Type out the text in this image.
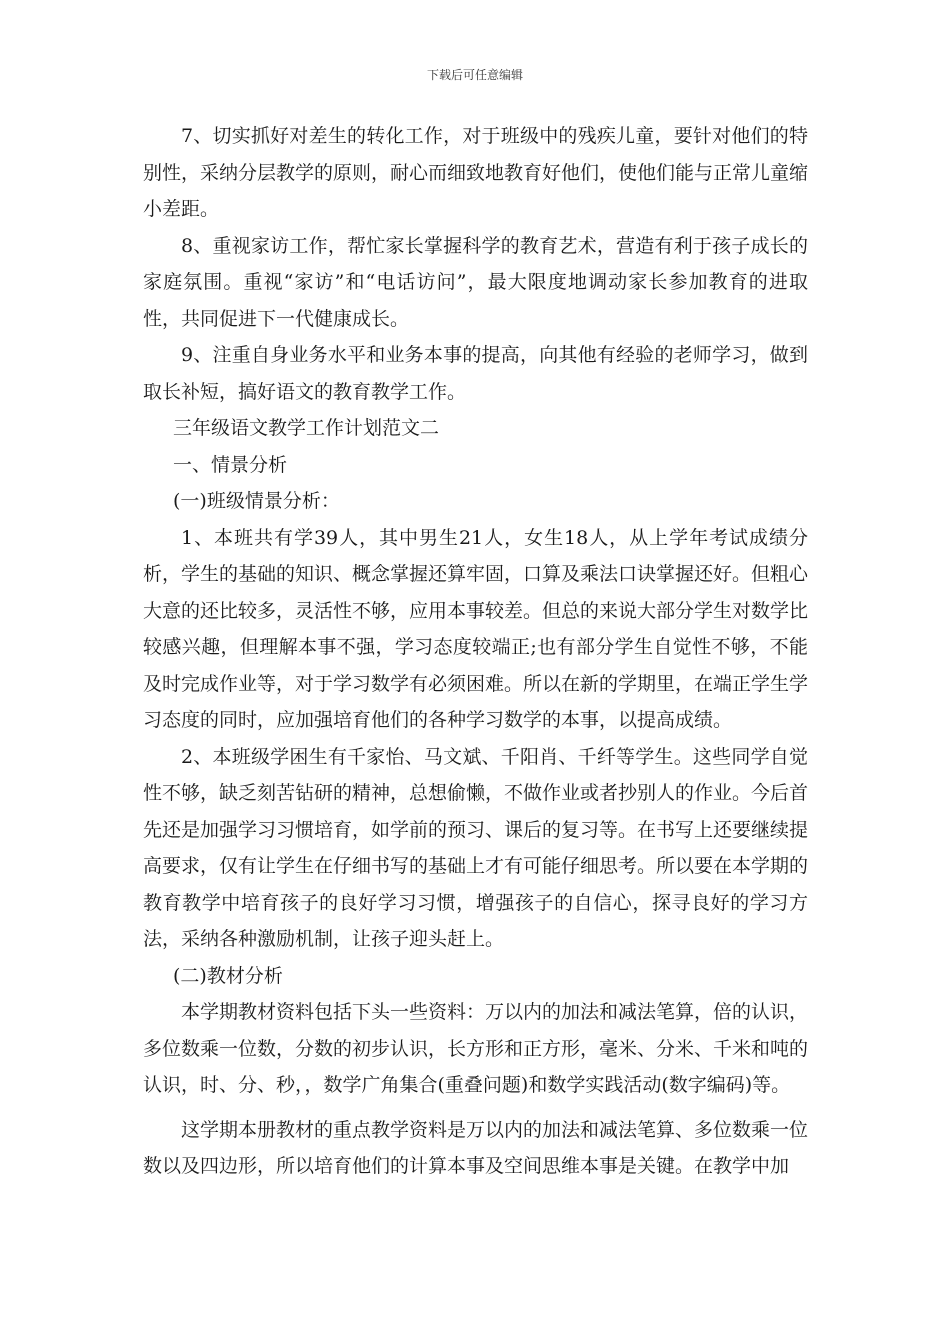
下载后可任意编辑

7、切实抓好对差生的转化工作，对于班级中的残疾儿童，要针对他们的特别性，采纳分层教学的原则，耐心而细致地教育好他们，使他们能与正常儿童缩小差距。

8、重视家访工作，帮忙家长掌握科学的教育艺术，营造有利于孩子成长的家庭氛围。重视“家访”和“电话访问”，最大限度地调动家长参加教育的进取性，共同促进下一代健康成长。

9、注重自身业务水平和业务本事的提高，向其他有经验的老师学习，做到取长补短，搞好语文的教育教学工作。

三年级语文教学工作计划范文二

一、情景分析

(一)班级情景分析：

1、本班共有学39人，其中男生21人，女生18人，从上学年考试成绩分析，学生的基础的知识、概念掌握还算牢固，口算及乘法口诀掌握还好。但粗心大意的还比较多，灵活性不够，应用本事较差。但总的来说大部分学生对数学比较感兴趣，但理解本事不强，学习态度较端正;也有部分学生自觉性不够，不能及时完成作业等，对于学习数学有必须困难。所以在新的学期里，在端正学生学习态度的同时，应加强培育他们的各种学习数学的本事，以提高成绩。

2、本班级学困生有千家怡、马文斌、千阳肖、千纤等学生。这些同学自觉性不够，缺乏刻苦钻研的精神，总想偷懒，不做作业或者抄别人的作业。今后首先还是加强学习习惯培育，如学前的预习、课后的复习等。在书写上还要继续提高要求，仅有让学生在仔细书写的基础上才有可能仔细思考。所以要在本学期的教育教学中培育孩子的良好学习习惯，增强孩子的自信心，探寻良好的学习方法，采纳各种激励机制，让孩子迎头赶上。

(二)教材分析

本学期教材资料包括下头一些资料：万以内的加法和减法笔算，倍的认识，多位数乘一位数，分数的初步认识，长方形和正方形，毫米、分米、千米和吨的认识，时、分、秒，，数学广角集合(重叠问题)和数学实践活动(数字编码)等。

这学期本册教材的重点教学资料是万以内的加法和减法笔算、多位数乘一位数以及四边形，所以培育他们的计算本事及空间思维本事是关键。在教学中加
